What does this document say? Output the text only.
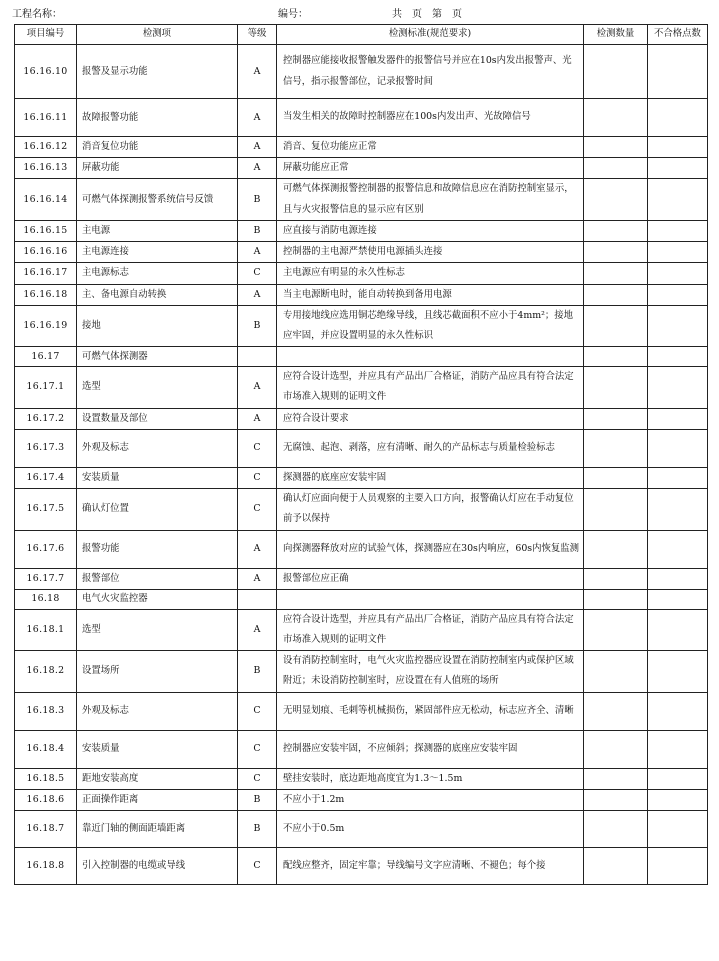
工程名称：	编号：	共　页　第　页
项目编号	检测项	等级	检测标准(规范要求)	检测数量	不合格点数
16.16.10	报警及显示功能	A	控制器应能接收报警触发器件的报警信号并应在10s内发出报警声、光信号，指示报警部位，记录报警时间		
16.16.11	故障报警功能	A	当发生相关的故障时控制器应在100s内发出声、光故障信号		
16.16.12	消音复位功能	A	消音、复位功能应正常		
16.16.13	屏蔽功能	A	屏蔽功能应正常		
16.16.14	可燃气体探测报警系统信号反馈	B	可燃气体探测报警控制器的报警信息和故障信息应在消防控制室显示，且与火灾报警信息的显示应有区别		
16.16.15	主电源	B	应直接与消防电源连接		
16.16.16	主电源连接	A	控制器的主电源严禁使用电源插头连接		
16.16.17	主电源标志	C	主电源应有明显的永久性标志		
16.16.18	主、备电源自动转换	A	当主电源断电时，能自动转换到备用电源		
16.16.19	接地	B	专用接地线应选用铜芯绝缘导线，且线芯截面积不应小于4mm²；接地应牢固，并应设置明显的永久性标识		
16.17	可燃气体探测器				
16.17.1	选型	A	应符合设计选型，并应具有产品出厂合格证，消防产品应具有符合法定市场准入规则的证明文件		
16.17.2	设置数量及部位	A	应符合设计要求		
16.17.3	外观及标志	C	无腐蚀、起泡、剥落，应有清晰、耐久的产品标志与质量检验标志		
16.17.4	安装质量	C	探测器的底座应安装牢固		
16.17.5	确认灯位置	C	确认灯应面向便于人员观察的主要入口方向，报警确认灯应在手动复位前予以保持		
16.17.6	报警功能	A	向探测器释放对应的试验气体，探测器应在30s内响应，60s内恢复监测		
16.17.7	报警部位	A	报警部位应正确		
16.18	电气火灾监控器				
16.18.1	选型	A	应符合设计选型，并应具有产品出厂合格证，消防产品应具有符合法定市场准入规则的证明文件		
16.18.2	设置场所	B	设有消防控制室时，电气火灾监控器应设置在消防控制室内或保护区域附近；未设消防控制室时，应设置在有人值班的场所		
16.18.3	外观及标志	C	无明显划痕、毛刺等机械损伤，紧固部件应无松动，标志应齐全、清晰		
16.18.4	安装质量	C	控制器应安装牢固，不应倾斜；探测器的底座应安装牢固		
16.18.5	距地安装高度	C	壁挂安装时，底边距地高度宜为1.3～1.5m		
16.18.6	正面操作距离	B	不应小于1.2m		
16.18.7	靠近门轴的侧面距墙距离	B	不应小于0.5m		
16.18.8	引入控制器的电缆或导线	C	配线应整齐，固定牢靠；导线编号文字应清晰、不褪色；每个接		
